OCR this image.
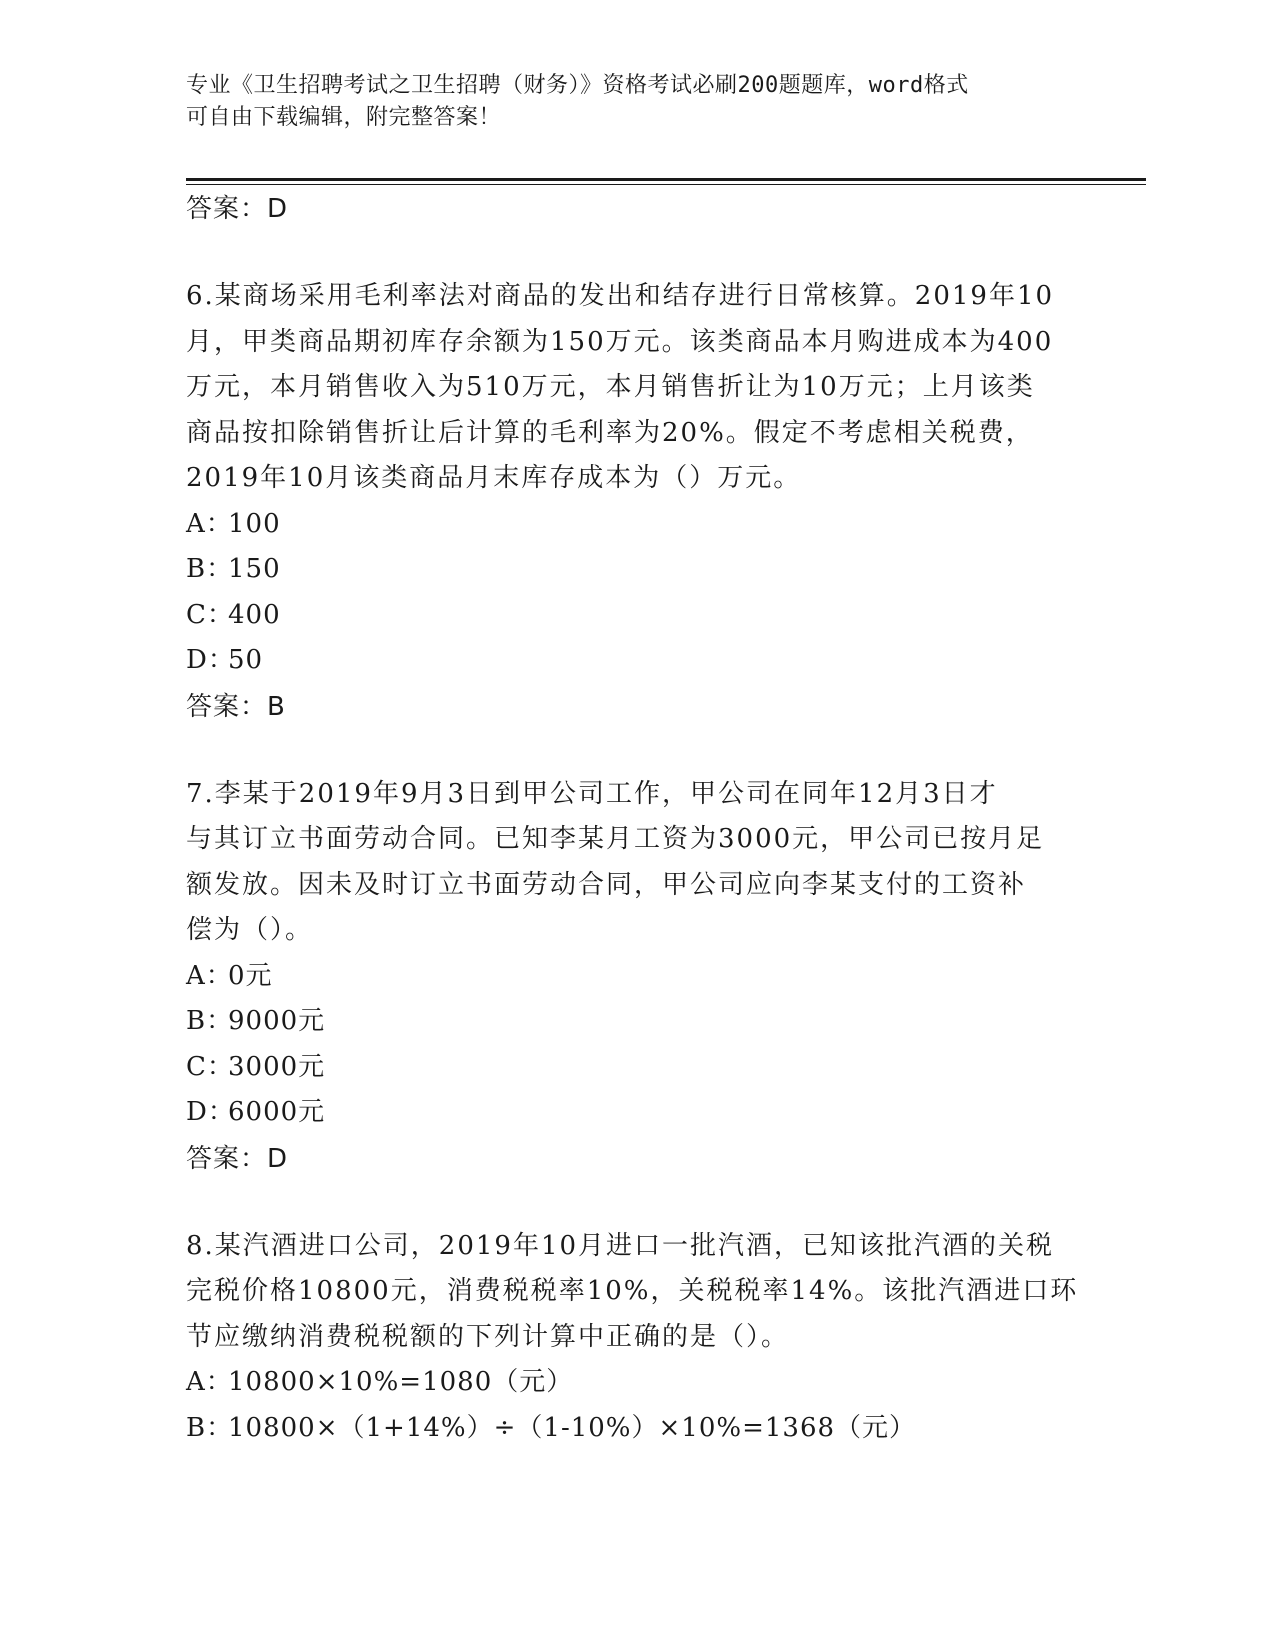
专业《卫生招聘考试之卫生招聘（财务）》资格考试必刷200题题库，word格式
可自由下载编辑，附完整答案！
答案：D
6.某商场采用毛利率法对商品的发出和结存进行日常核算。2019年10
月，甲类商品期初库存余额为150万元。该类商品本月购进成本为400
万元，本月销售收入为510万元，本月销售折让为10万元；上月该类
商品按扣除销售折让后计算的毛利率为20%。假定不考虑相关税费，
2019年10月该类商品月末库存成本为（）万元。
A：100
B：150
C：400
D：50
答案：B
7.李某于2019年9月3日到甲公司工作，甲公司在同年12月3日才
与其订立书面劳动合同。已知李某月工资为3000元，甲公司已按月足
额发放。因未及时订立书面劳动合同，甲公司应向李某支付的工资补
偿为（）。
A：0元
B：9000元
C：3000元
D：6000元
答案：D
8.某汽酒进口公司，2019年10月进口一批汽酒，已知该批汽酒的关税
完税价格10800元，消费税税率10%，关税税率14%。该批汽酒进口环
节应缴纳消费税税额的下列计算中正确的是（）。
A：10800×10%=1080（元）
B：10800×（1+14%）÷（1-10%）×10%=1368（元）
